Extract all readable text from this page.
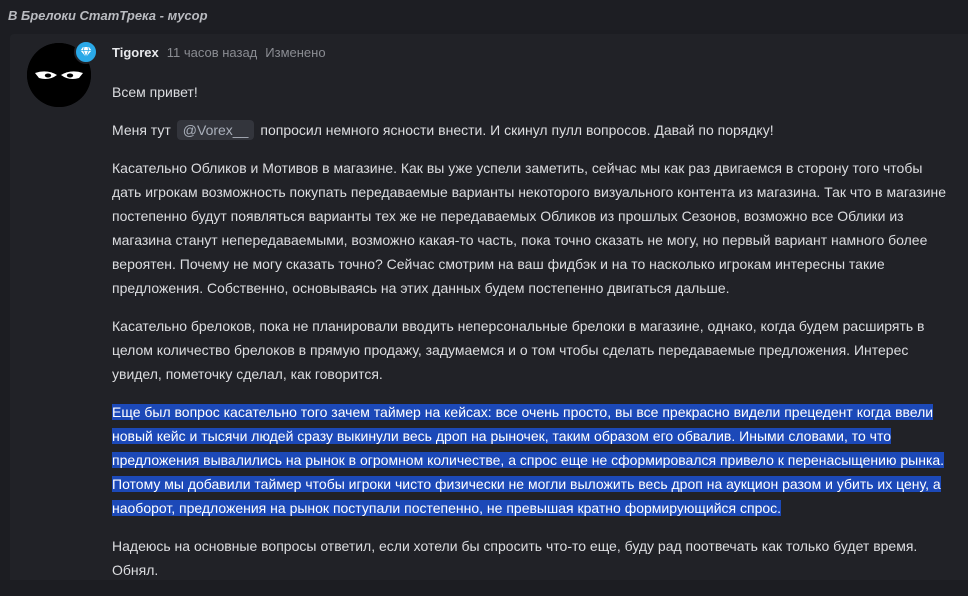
В Брелоки СтатТрека - мусор
Tigorex 11 часов назад Изменено

Всем привет!

Меня тут @Vorex__ попросил немного ясности внести. И скинул пулл вопросов. Давай по порядку!

Касательно Обликов и Мотивов в магазине. Как вы уже успели заметить, сейчас мы как раз двигаемся в сторону того чтобы дать игрокам возможность покупать передаваемые варианты некоторого визуального контента из магазина. Так что в магазине постепенно будут появляться варианты тех же не передаваемых Обликов из прошлых Сезонов, возможно все Облики из магазина станут непередаваемыми, возможно какая-то часть, пока точно сказать не могу, но первый вариант намного более вероятен. Почему не могу сказать точно? Сейчас смотрим на ваш фидбэк и на то насколько игрокам интересны такие предложения. Собственно, основываясь на этих данных будем постепенно двигаться дальше.

Касательно брелоков, пока не планировали вводить неперсональные брелоки в магазине, однако, когда будем расширять в целом количество брелоков в прямую продажу, задумаемся и о том чтобы сделать передаваемые предложения. Интерес увидел, пометочку сделал, как говорится.

Еще был вопрос касательно того зачем таймер на кейсах: все очень просто, вы все прекрасно видели прецедент когда ввели новый кейс и тысячи людей сразу выкинули весь дроп на рыночек, таким образом его обвалив. Иными словами, то что предложения вывалились на рынок в огромном количестве, а спрос еще не сформировался привело к перенасыщению рынка. Потому мы добавили таймер чтобы игроки чисто физически не могли выложить весь дроп на аукцион разом и убить их цену, а наоборот, предложения на рынок поступали постепенно, не превышая кратно формирующийся спрос.

Надеюсь на основные вопросы ответил, если хотели бы спросить что-то еще, буду рад поотвечать как только будет время. Обнял.
